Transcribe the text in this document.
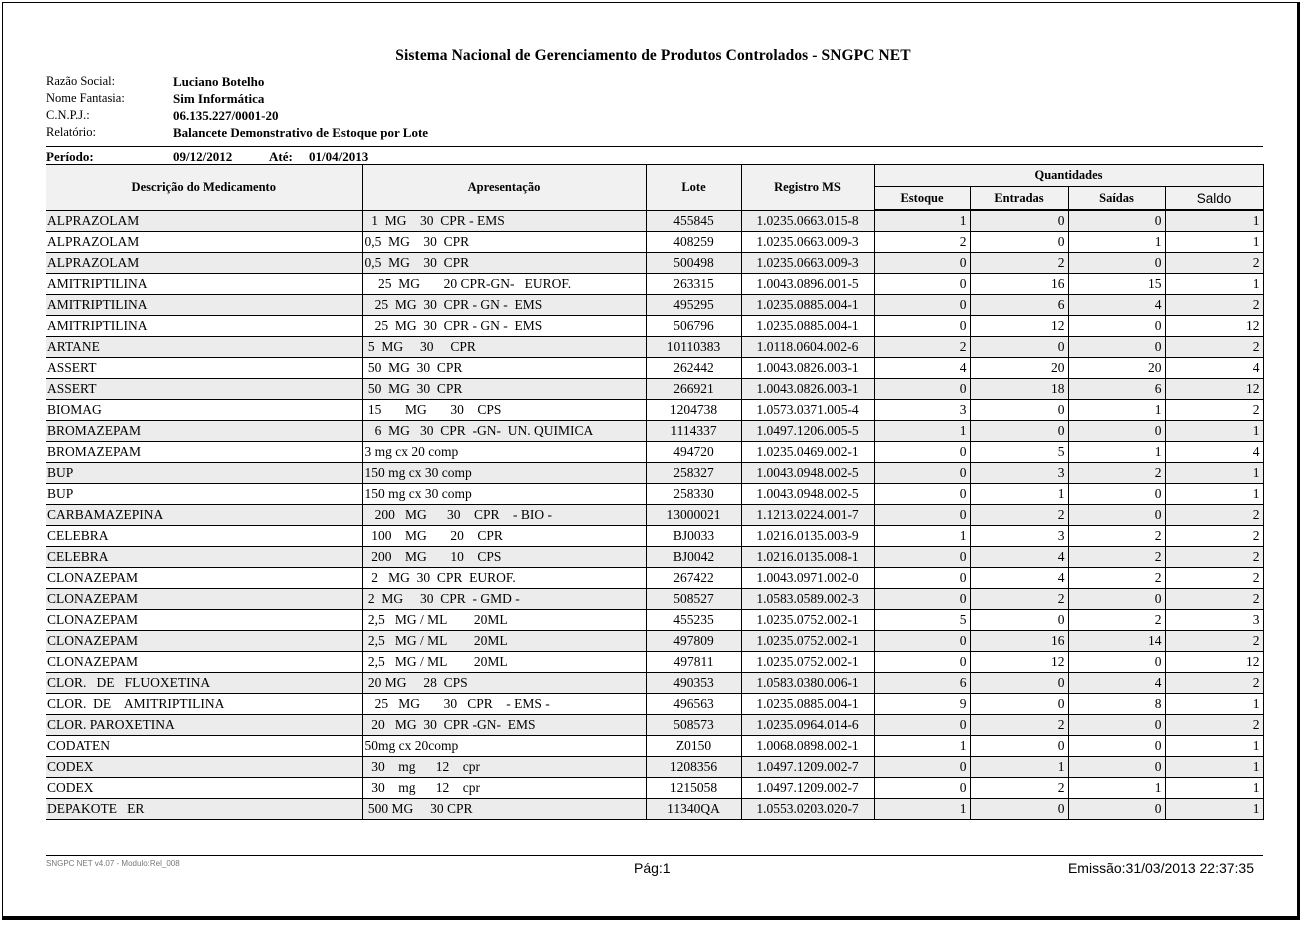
Sistema Nacional de Gerenciamento de Produtos Controlados - SNGPC NET
Razão Social:	Luciano Botelho
Nome Fantasia:	Sim Informática
C.N.P.J.:	06.135.227/0001-20
Relatório:	Balancete Demonstrativo de Estoque por Lote
Período:	09/12/2012	Até: 01/04/2013
Descrição do Medicamento	Apresentação	Lote	Registro MS	Quantidades			
				Estoque	Entradas	Saídas	Saldo
ALPRAZOLAM	1  MG    30  CPR - EMS	455845	1.0235.0663.015-8	1	0	0	1
ALPRAZOLAM	0,5  MG    30  CPR	408259	1.0235.0663.009-3	2	0	1	1
ALPRAZOLAM	0,5  MG    30  CPR	500498	1.0235.0663.009-3	0	2	0	2
AMITRIPTILINA	25  MG       20 CPR-GN-   EUROF.	263315	1.0043.0896.001-5	0	16	15	1
AMITRIPTILINA	25  MG  30  CPR - GN -  EMS	495295	1.0235.0885.004-1	0	6	4	2
AMITRIPTILINA	25  MG  30  CPR - GN -  EMS	506796	1.0235.0885.004-1	0	12	0	12
ARTANE	5  MG     30     CPR	10110383	1.0118.0604.002-6	2	0	0	2
ASSERT	50  MG  30  CPR	262442	1.0043.0826.003-1	4	20	20	4
ASSERT	50  MG  30  CPR	266921	1.0043.0826.003-1	0	18	6	12
BIOMAG	15       MG       30    CPS	1204738	1.0573.0371.005-4	3	0	1	2
BROMAZEPAM	6  MG   30  CPR  -GN-  UN. QUIMICA	1114337	1.0497.1206.005-5	1	0	0	1
BROMAZEPAM	3 mg cx 20 comp	494720	1.0235.0469.002-1	0	5	1	4
BUP	150 mg cx 30 comp	258327	1.0043.0948.002-5	0	3	2	1
BUP	150 mg cx 30 comp	258330	1.0043.0948.002-5	0	1	0	1
CARBAMAZEPINA	200   MG      30    CPR    - BIO -	13000021	1.1213.0224.001-7	0	2	0	2
CELEBRA	100    MG       20    CPR	BJ0033	1.0216.0135.003-9	1	3	2	2
CELEBRA	200    MG       10    CPS	BJ0042	1.0216.0135.008-1	0	4	2	2
CLONAZEPAM	2   MG  30  CPR  EUROF.	267422	1.0043.0971.002-0	0	4	2	2
CLONAZEPAM	2  MG     30  CPR  - GMD -	508527	1.0583.0589.002-3	0	2	0	2
CLONAZEPAM	2,5   MG / ML        20ML	455235	1.0235.0752.002-1	5	0	2	3
CLONAZEPAM	2,5   MG / ML        20ML	497809	1.0235.0752.002-1	0	16	14	2
CLONAZEPAM	2,5   MG / ML        20ML	497811	1.0235.0752.002-1	0	12	0	12
CLOR.   DE   FLUOXETINA	20 MG     28  CPS	490353	1.0583.0380.006-1	6	0	4	2
CLOR.  DE    AMITRIPTILINA	25   MG       30   CPR    - EMS -	496563	1.0235.0885.004-1	9	0	8	1
CLOR. PAROXETINA	20   MG  30  CPR -GN-  EMS	508573	1.0235.0964.014-6	0	2	0	2
CODATEN	50mg cx 20comp	Z0150	1.0068.0898.002-1	1	0	0	1
CODEX	30    mg      12    cpr	1208356	1.0497.1209.002-7	0	1	0	1
CODEX	30    mg      12    cpr	1215058	1.0497.1209.002-7	0	2	1	1
DEPAKOTE   ER	500 MG     30 CPR	11340QA	1.0553.0203.020-7	1	0	0	1
SNGPC NET v4.07 - Modulo:Rel_008	Pág:1	Emissão:31/03/2013 22:37:35
